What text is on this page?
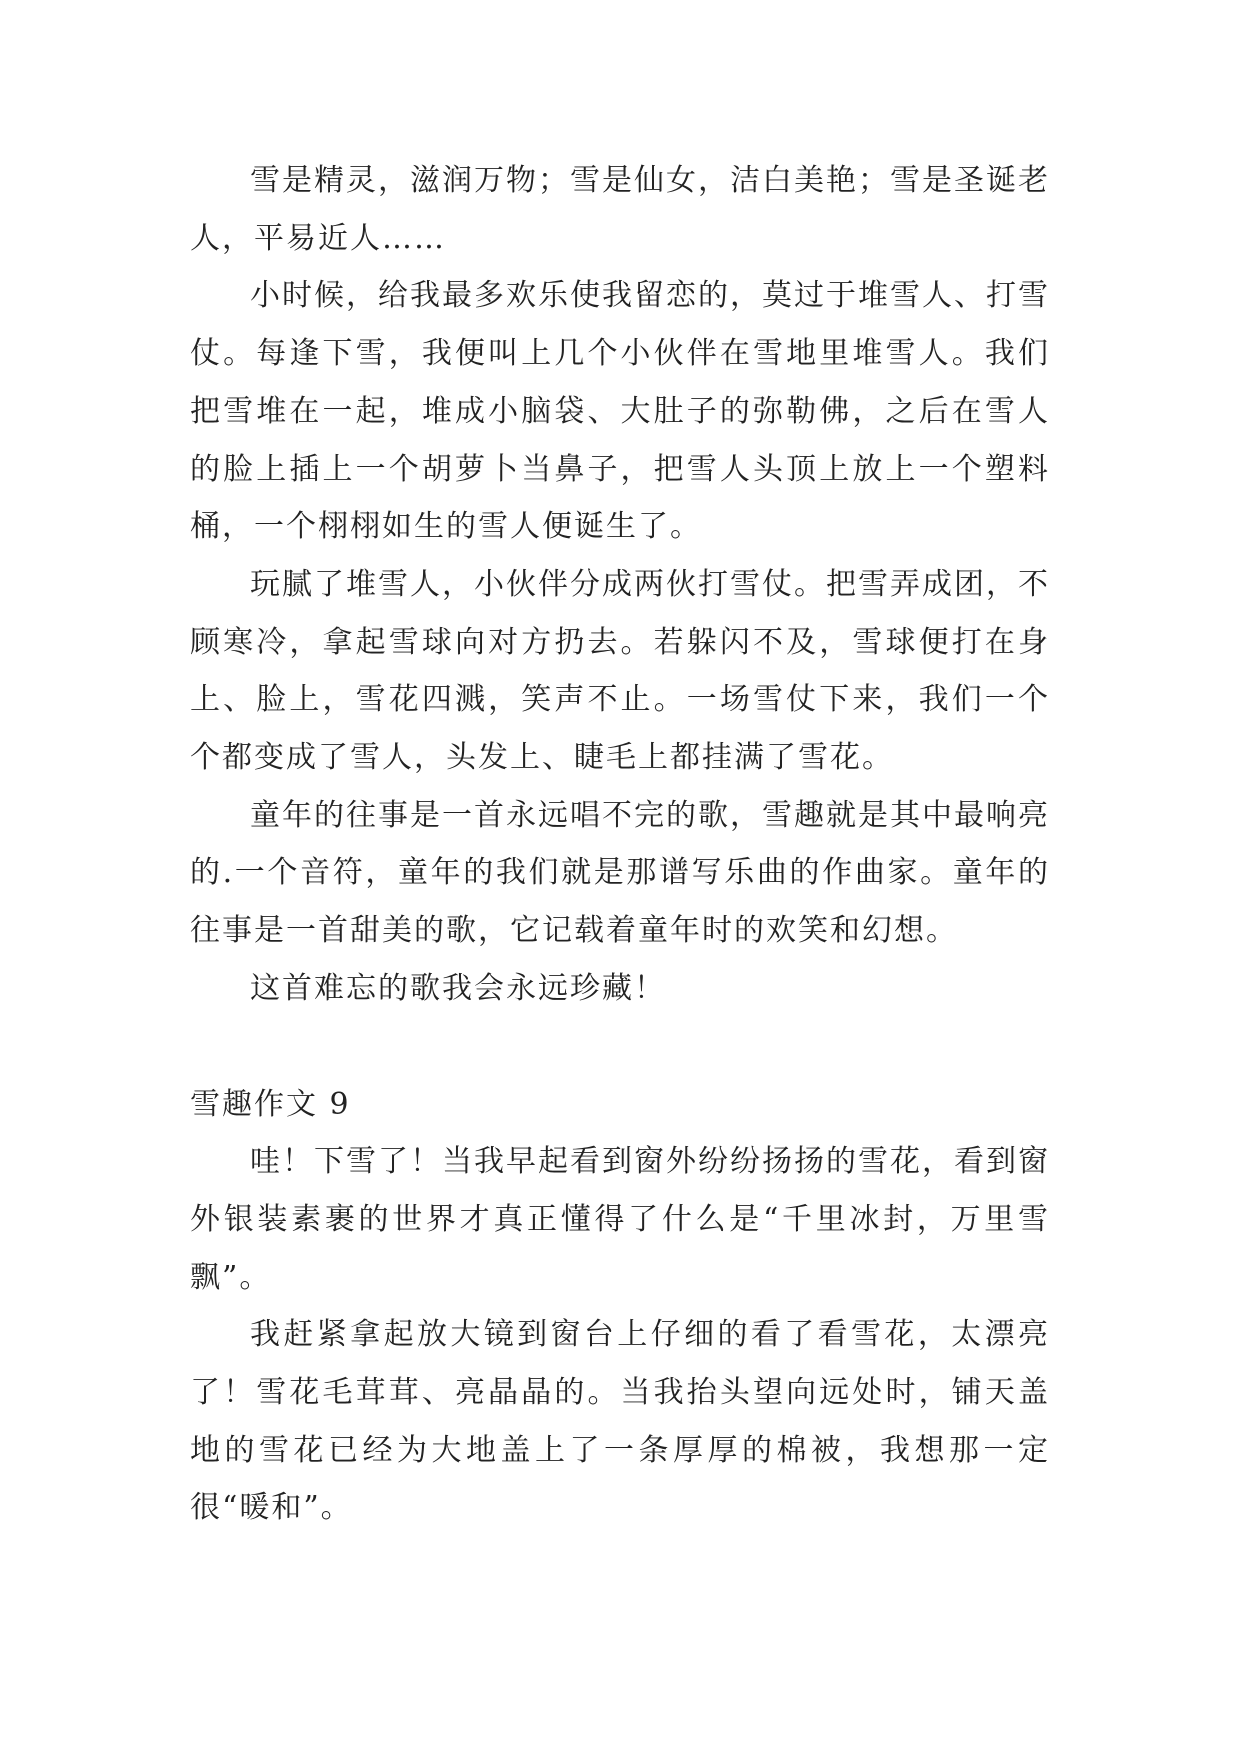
雪是精灵，滋润万物；雪是仙女，洁白美艳；雪是圣诞老人，平易近人……

小时候，给我最多欢乐使我留恋的，莫过于堆雪人、打雪仗。每逢下雪，我便叫上几个小伙伴在雪地里堆雪人。我们把雪堆在一起，堆成小脑袋、大肚子的弥勒佛，之后在雪人的脸上插上一个胡萝卜当鼻子，把雪人头顶上放上一个塑料桶，一个栩栩如生的雪人便诞生了。

玩腻了堆雪人，小伙伴分成两伙打雪仗。把雪弄成团，不顾寒冷，拿起雪球向对方扔去。若躲闪不及，雪球便打在身上、脸上，雪花四溅，笑声不止。一场雪仗下来，我们一个个都变成了雪人，头发上、睫毛上都挂满了雪花。

童年的往事是一首永远唱不完的歌，雪趣就是其中最响亮的.一个音符，童年的我们就是那谱写乐曲的作曲家。童年的往事是一首甜美的歌，它记载着童年时的欢笑和幻想。

这首难忘的歌我会永远珍藏！

雪趣作文 9

哇！下雪了！当我早起看到窗外纷纷扬扬的雪花，看到窗外银装素裹的世界才真正懂得了什么是“千里冰封，万里雪飘”。

我赶紧拿起放大镜到窗台上仔细的看了看雪花，太漂亮了！雪花毛茸茸、亮晶晶的。当我抬头望向远处时，铺天盖地的雪花已经为大地盖上了一条厚厚的棉被，我想那一定很“暖和”。
